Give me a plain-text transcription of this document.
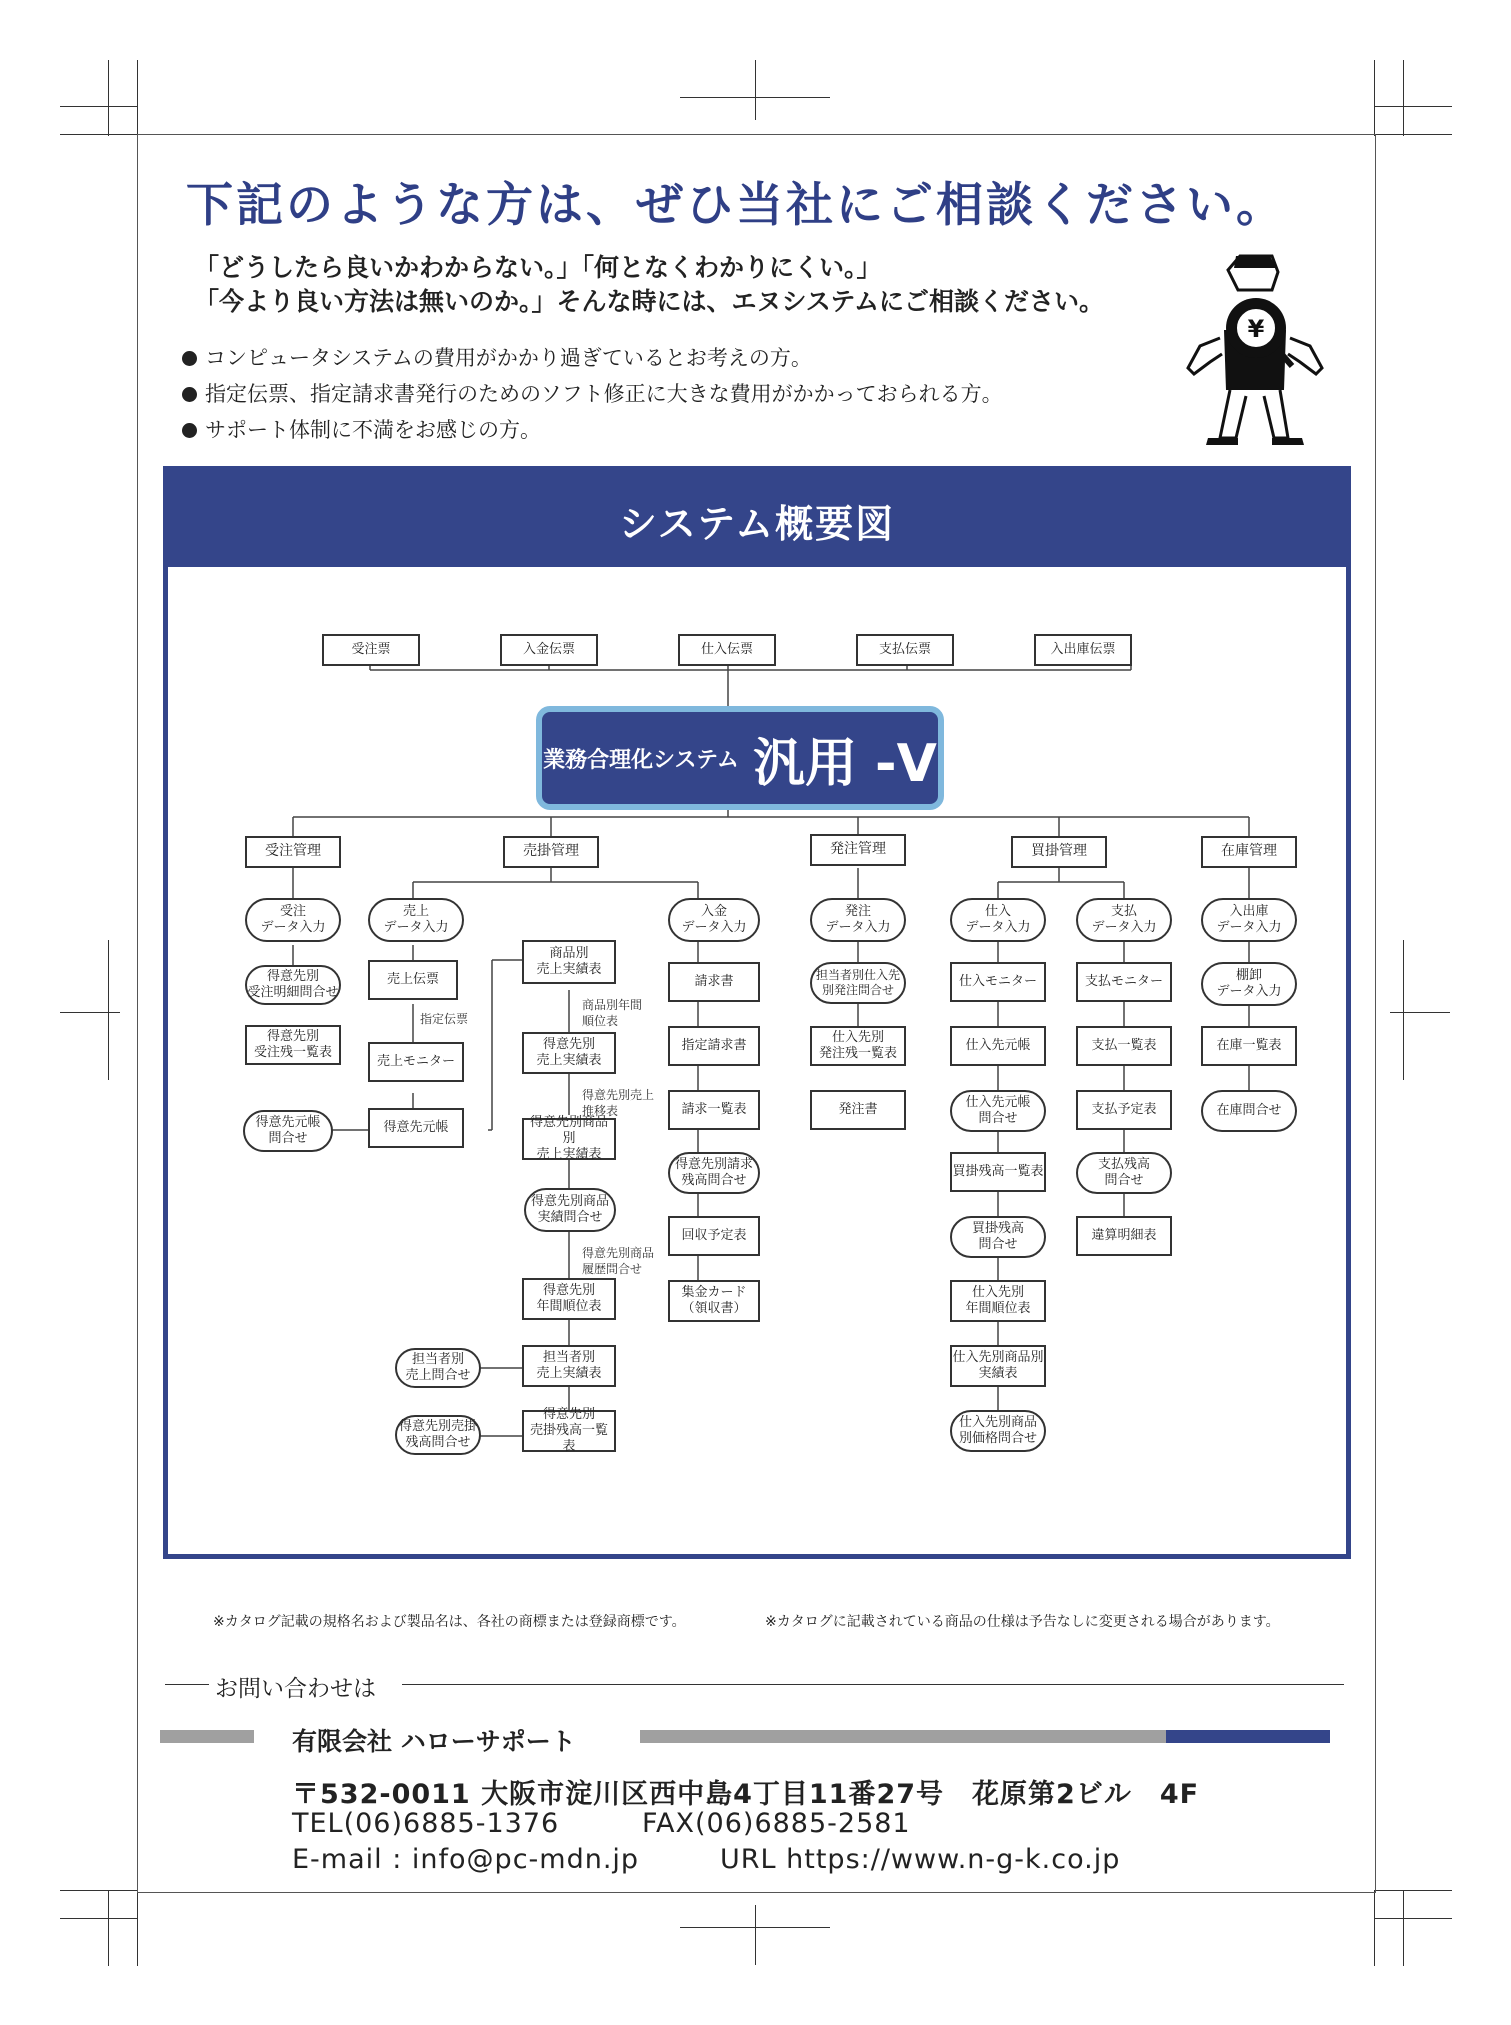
下記のような方は、ぜひ当社にご相談ください。
「どうしたら良いかわからない。」「何となくわかりにくい。」
「今より良い方法は無いのか。」そんな時には、エヌシステムにご相談ください。
コンピュータシステムの費用がかかり過ぎているとお考えの方。
指定伝票、指定請求書発行のためのソフト修正に大きな費用がかかっておられる方。
サポート体制に不満をお感じの方。
¥
システム概要図
受注票	入金伝票	仕入伝票	支払伝票	入出庫伝票
業務合理化システム 汎用 -V
受注管理	売掛管理	発注管理	買掛管理	在庫管理
受注
データ入力
得意先別
受注明細問合せ
得意先別
受注残一覧表
売上
データ入力
売上伝票
指定伝票
売上モニター
得意先元帳
得意先元帳
問合せ
商品別
売上実績表
商品別年間
順位表
得意先別
売上実績表
得意先別売上
推移表
得意先別商品別
売上実績表
得意先別商品
実績問合せ
得意先別商品
履歴問合せ
得意先別
年間順位表
担当者別
売上実績表
得意先別
売掛残高一覧表
担当者別
売上問合せ
得意先別売掛
残高問合せ
入金
データ入力
請求書
指定請求書
請求一覧表
得意先別請求
残高問合せ
回収予定表
集金カード
（領収書）
発注
データ入力
担当者別仕入先
別発注問合せ
仕入先別
発注残一覧表
発注書
仕入
データ入力
仕入モニター
仕入先元帳
仕入先元帳
問合せ
買掛残高一覧表
買掛残高
問合せ
仕入先別
年間順位表
仕入先別商品別
実績表
仕入先別商品
別価格問合せ
支払
データ入力
支払モニター
支払一覧表
支払予定表
支払残高
問合せ
違算明細表
入出庫
データ入力
棚卸
データ入力
在庫一覧表
在庫問合せ
※カタログ記載の規格名および製品名は、各社の商標または登録商標です。	※カタログに記載されている商品の仕様は予告なしに変更される場合があります。
お問い合わせは
有限会社 ハローサポート
〒532-0011 大阪市淀川区西中島4丁目11番27号　花原第2ビル　4F
TEL(06)6885-1376	FAX(06)6885-2581
E-mail : info@pc-mdn.jp	URL https://www.n-g-k.co.jp
